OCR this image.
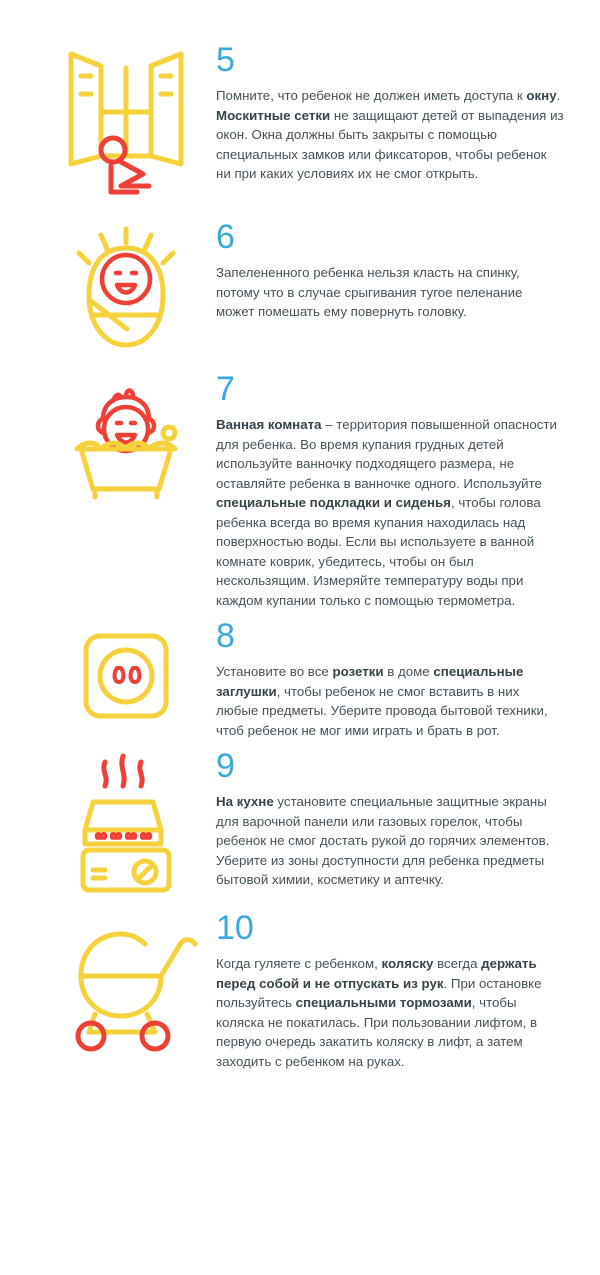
5

Помните, что ребенок не должен иметь доступа к окну. Москитные сетки не защищают детей от выпадения из окон. Окна должны быть закрыты с помощью специальных замков или фиксаторов, чтобы ребенок ни при каких условиях их не смог открыть.

6

Запелененного ребенка нельзя класть на спинку, потому что в случае срыгивания тугое пеленание может помешать ему повернуть головку.

7

Ванная комната – территория повышенной опасности для ребенка. Во время купания грудных детей используйте ванночку подходящего размера, не оставляйте ребенка в ванночке одного. Используйте специальные подкладки и сиденья, чтобы голова ребенка всегда во время купания находилась над поверхностью воды. Если вы используете в ванной комнате коврик, убедитесь, чтобы он был нескользящим. Измеряйте температуру воды при каждом купании только с помощью термометра.

8

Установите во все розетки в доме специальные заглушки, чтобы ребенок не смог вставить в них любые предметы. Уберите провода бытовой техники, чтоб ребенок не мог ими играть и брать в рот.

9

На кухне установите специальные защитные экраны для варочной панели или газовых горелок, чтобы ребенок не смог достать рукой до горячих элементов. Уберите из зоны доступности для ребенка предметы бытовой химии, косметику и аптечку.

10

Когда гуляете с ребенком, коляску всегда держать перед собой и не отпускать из рук. При остановке пользуйтесь специальными тормозами, чтобы коляска не покатилась. При пользовании лифтом, в первую очередь закатить коляску в лифт, а затем заходить с ребенком на руках.
